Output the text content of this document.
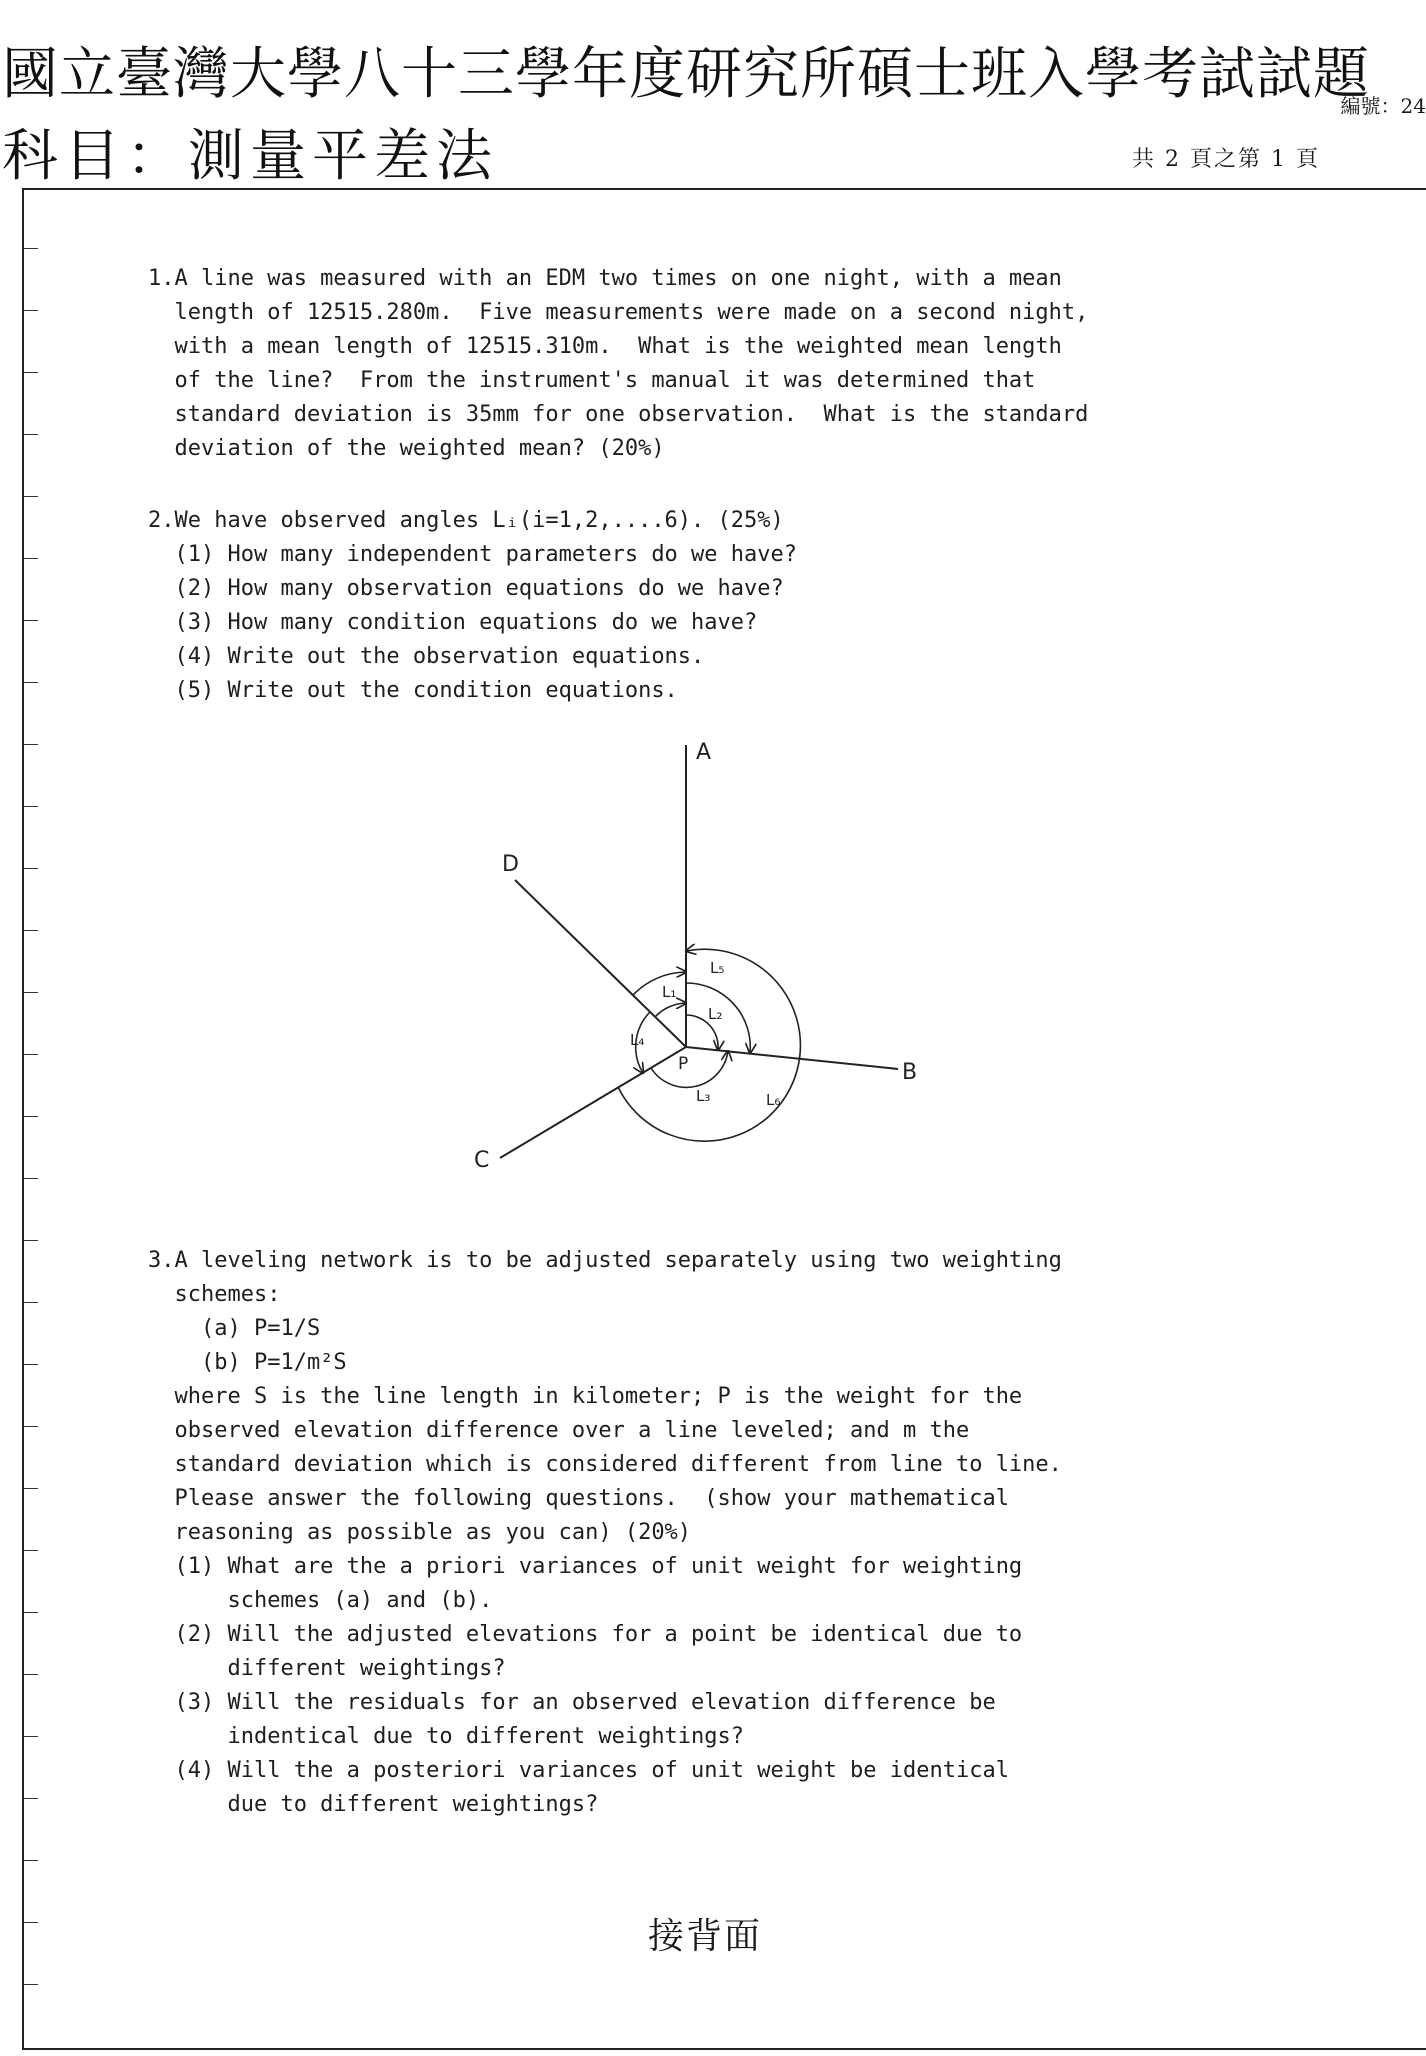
國立臺灣大學八十三學年度研究所碩士班入學考試試題
科目：測量平差法
編號：24
共 2 頁之第 1 頁
1.A line was measured with an EDM two times on one night, with a mean
length of 12515.280m.  Five measurements were made on a second night,
with a mean length of 12515.310m.  What is the weighted mean length
of the line?  From the instrument's manual it was determined that
standard deviation is 35mm for one observation.  What is the standard
deviation of the weighted mean? (20%)
2.We have observed angles Lᵢ(i=1,2,....6). (25%)
(1) How many independent parameters do we have?
(2) How many observation equations do we have?
(3) How many condition equations do we have?
(4) Write out the observation equations.
(5) Write out the condition equations.
3.A leveling network is to be adjusted separately using two weighting
schemes:
(a) P=1/S
(b) P=1/m²S
where S is the line length in kilometer; P is the weight for the
observed elevation difference over a line leveled; and m the
standard deviation which is considered different from line to line.
Please answer the following questions.  (show your mathematical
reasoning as possible as you can) (20%)
(1) What are the a priori variances of unit weight for weighting
schemes (a) and (b).
(2) Will the adjusted elevations for a point be identical due to
different weightings?
(3) Will the residuals for an observed elevation difference be
indentical due to different weightings?
(4) Will the a posteriori variances of unit weight be identical
due to different weightings?
A
B
C
D
P
L₁
L₂
L₃
L₄
L₅
L₆
接背面
